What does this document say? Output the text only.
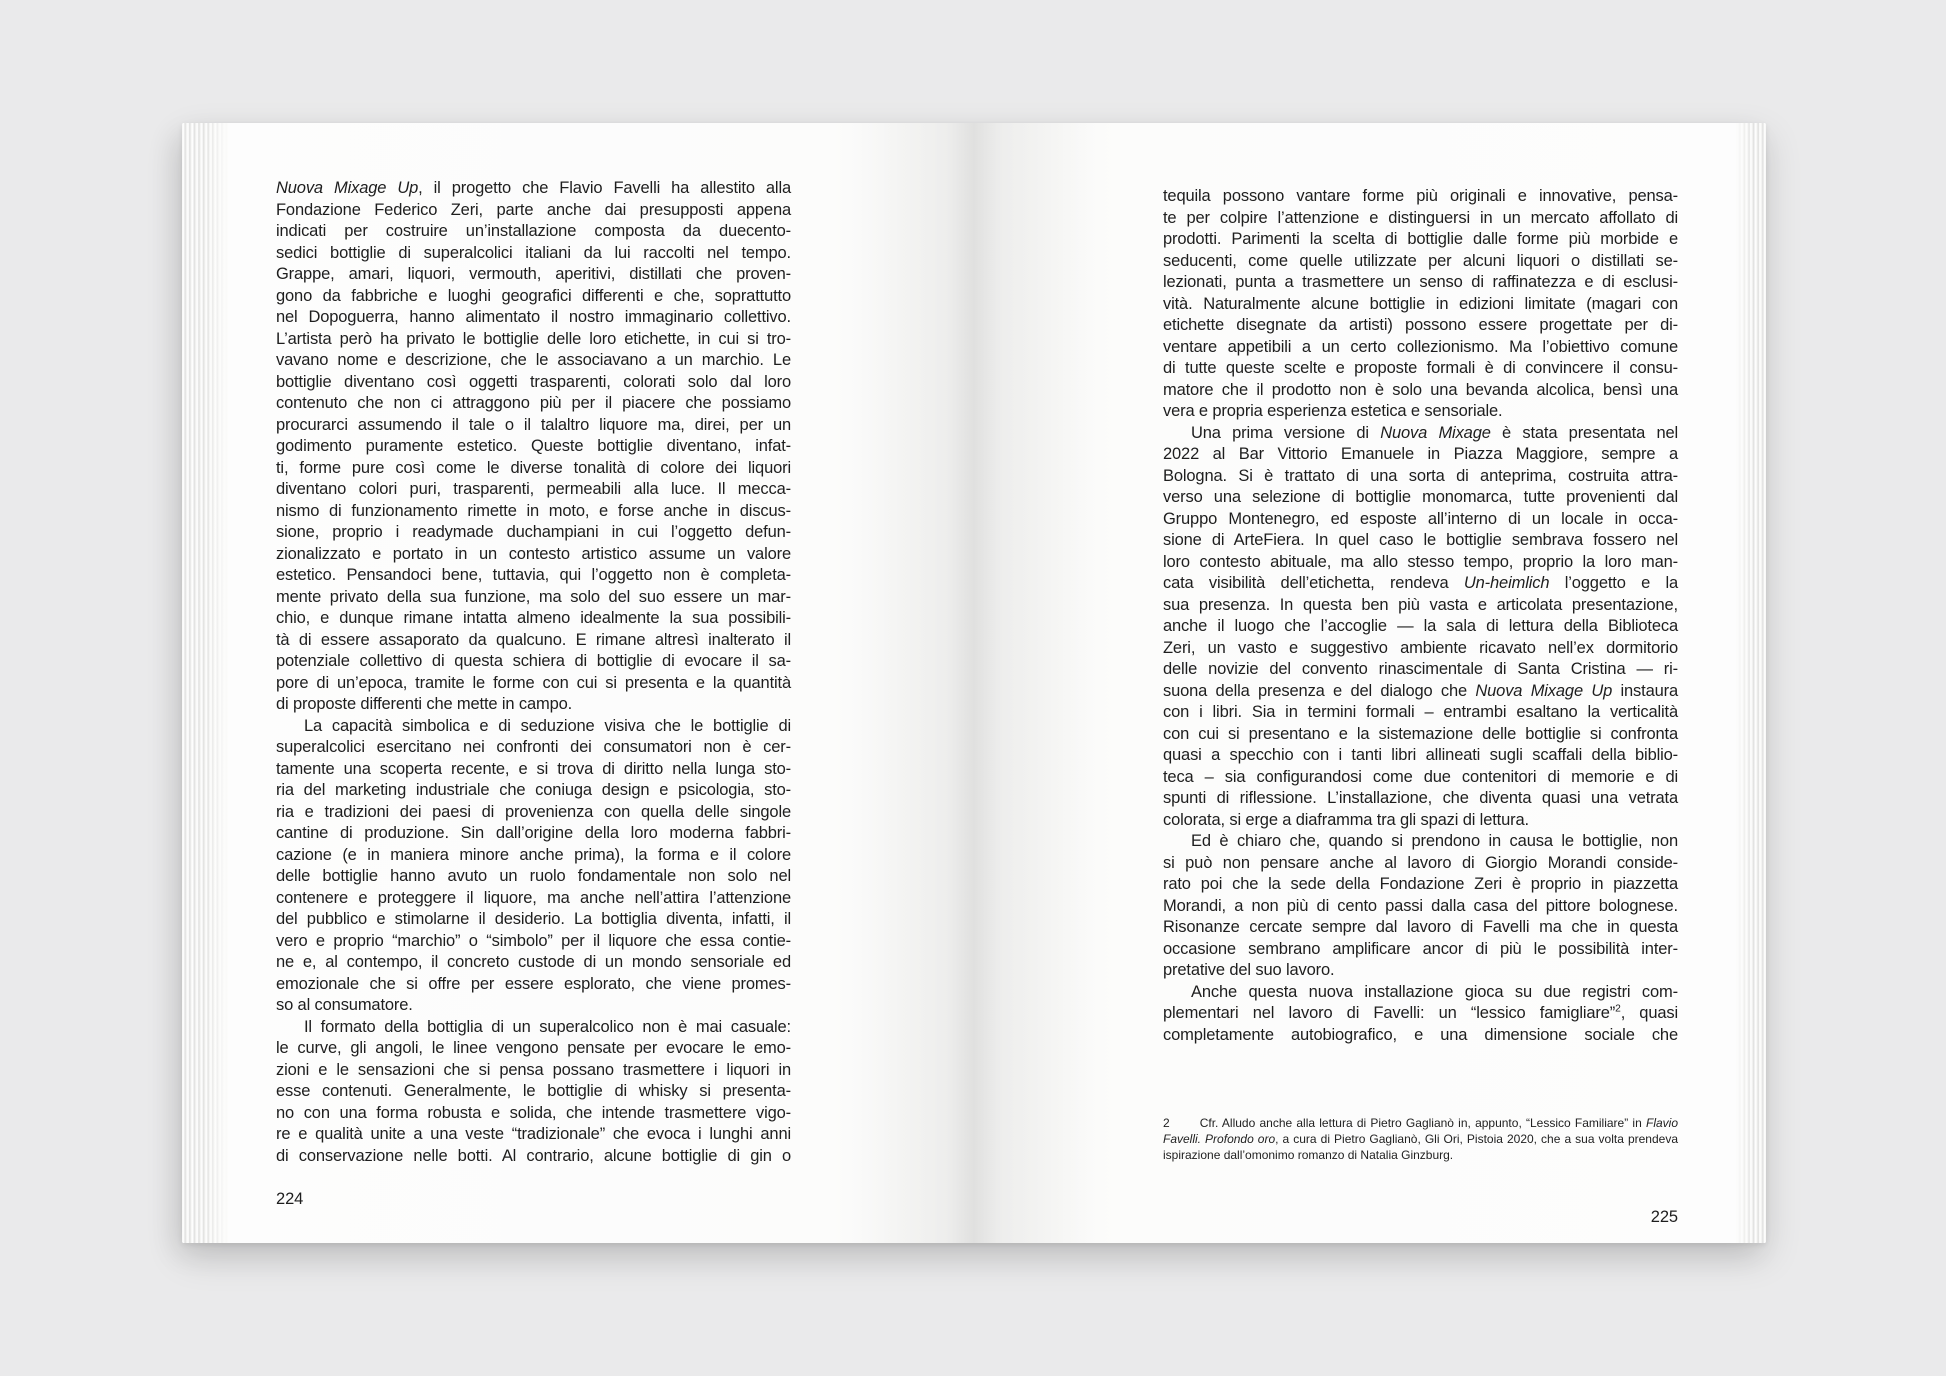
Nuova Mixage Up, il progetto che Flavio Favelli ha allestito alla
Fondazione Federico Zeri, parte anche dai presupposti appena
indicati per costruire un’installazione composta da duecento-
sedici bottiglie di superalcolici italiani da lui raccolti nel tempo.
Grappe, amari, liquori, vermouth, aperitivi, distillati che proven-
gono da fabbriche e luoghi geografici differenti e che, soprattutto
nel Dopoguerra, hanno alimentato il nostro immaginario collettivo.
L’artista però ha privato le bottiglie delle loro etichette, in cui si tro-
vavano nome e descrizione, che le associavano a un marchio. Le
bottiglie diventano così oggetti trasparenti, colorati solo dal loro
contenuto che non ci attraggono più per il piacere che possiamo
procurarci assumendo il tale o il talaltro liquore ma, direi, per un
godimento puramente estetico. Queste bottiglie diventano, infat-
ti, forme pure così come le diverse tonalità di colore dei liquori
diventano colori puri, trasparenti, permeabili alla luce. Il mecca-
nismo di funzionamento rimette in moto, e forse anche in discus-
sione, proprio i readymade duchampiani in cui l’oggetto defun-
zionalizzato e portato in un contesto artistico assume un valore
estetico. Pensandoci bene, tuttavia, qui l’oggetto non è completa-
mente privato della sua funzione, ma solo del suo essere un mar-
chio, e dunque rimane intatta almeno idealmente la sua possibili-
tà di essere assaporato da qualcuno. E rimane altresì inalterato il
potenziale collettivo di questa schiera di bottiglie di evocare il sa-
pore di un’epoca, tramite le forme con cui si presenta e la quantità
di proposte differenti che mette in campo.
La capacità simbolica e di seduzione visiva che le bottiglie di
superalcolici esercitano nei confronti dei consumatori non è cer-
tamente una scoperta recente, e si trova di diritto nella lunga sto-
ria del marketing industriale che coniuga design e psicologia, sto-
ria e tradizioni dei paesi di provenienza con quella delle singole
cantine di produzione. Sin dall’origine della loro moderna fabbri-
cazione (e in maniera minore anche prima), la forma e il colore
delle bottiglie hanno avuto un ruolo fondamentale non solo nel
contenere e proteggere il liquore, ma anche nell’attira l’attenzione
del pubblico e stimolarne il desiderio. La bottiglia diventa, infatti, il
vero e proprio “marchio” o “simbolo” per il liquore che essa contie-
ne e, al contempo, il concreto custode di un mondo sensoriale ed
emozionale che si offre per essere esplorato, che viene promes-
so al consumatore.
Il formato della bottiglia di un superalcolico non è mai casuale:
le curve, gli angoli, le linee vengono pensate per evocare le emo-
zioni e le sensazioni che si pensa possano trasmettere i liquori in
esse contenuti. Generalmente, le bottiglie di whisky si presenta-
no con una forma robusta e solida, che intende trasmettere vigo-
re e qualità unite a una veste “tradizionale” che evoca i lunghi anni
di conservazione nelle botti. Al contrario, alcune bottiglie di gin o
224
tequila possono vantare forme più originali e innovative, pensa-
te per colpire l’attenzione e distinguersi in un mercato affollato di
prodotti. Parimenti la scelta di bottiglie dalle forme più morbide e
seducenti, come quelle utilizzate per alcuni liquori o distillati se-
lezionati, punta a trasmettere un senso di raffinatezza e di esclusi-
vità. Naturalmente alcune bottiglie in edizioni limitate (magari con
etichette disegnate da artisti) possono essere progettate per di-
ventare appetibili a un certo collezionismo. Ma l’obiettivo comune
di tutte queste scelte e proposte formali è di convincere il consu-
matore che il prodotto non è solo una bevanda alcolica, bensì una
vera e propria esperienza estetica e sensoriale.
Una prima versione di Nuova Mixage è stata presentata nel
2022 al Bar Vittorio Emanuele in Piazza Maggiore, sempre a
Bologna. Si è trattato di una sorta di anteprima, costruita attra-
verso una selezione di bottiglie monomarca, tutte provenienti dal
Gruppo Montenegro, ed esposte all’interno di un locale in occa-
sione di ArteFiera. In quel caso le bottiglie sembrava fossero nel
loro contesto abituale, ma allo stesso tempo, proprio la loro man-
cata visibilità dell’etichetta, rendeva Un-heimlich l’oggetto e la
sua presenza. In questa ben più vasta e articolata presentazione,
anche il luogo che l’accoglie — la sala di lettura della Biblioteca
Zeri, un vasto e suggestivo ambiente ricavato nell’ex dormitorio
delle novizie del convento rinascimentale di Santa Cristina — ri-
suona della presenza e del dialogo che Nuova Mixage Up instaura
con i libri. Sia in termini formali – entrambi esaltano la verticalità
con cui si presentano e la sistemazione delle bottiglie si confronta
quasi a specchio con i tanti libri allineati sugli scaffali della biblio-
teca – sia configurandosi come due contenitori di memorie e di
spunti di riflessione. L’installazione, che diventa quasi una vetrata
colorata, si erge a diaframma tra gli spazi di lettura.
Ed è chiaro che, quando si prendono in causa le bottiglie, non
si può non pensare anche al lavoro di Giorgio Morandi conside-
rato poi che la sede della Fondazione Zeri è proprio in piazzetta
Morandi, a non più di cento passi dalla casa del pittore bolognese.
Risonanze cercate sempre dal lavoro di Favelli ma che in questa
occasione sembrano amplificare ancor di più le possibilità inter-
pretative del suo lavoro.
Anche questa nuova installazione gioca su due registri com-
plementari nel lavoro di Favelli: un “lessico famigliare”$^2$, quasi
completamente autobiografico, e una dimensione sociale che
2	Cfr. Alludo anche alla lettura di Pietro Gaglianò in, appunto, “Lessico Familiare” in Flavio
Favelli. Profondo oro, a cura di Pietro Gaglianò, Gli Ori, Pistoia 2020, che a sua volta prendeva
ispirazione dall’omonimo romanzo di Natalia Ginzburg.
225
